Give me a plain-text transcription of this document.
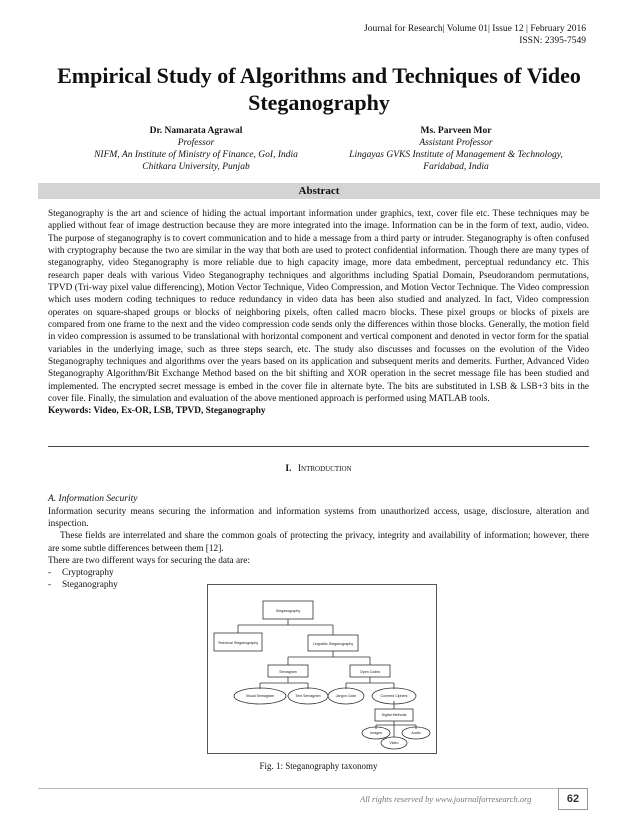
Journal for Research| Volume 01| Issue 12 | February 2016
ISSN: 2395-7549
Empirical Study of Algorithms and Techniques of Video Steganography
Dr. Namarata Agrawal
Professor
NIFM, An Institute of Ministry of Finance, GoI, India
Chitkara University, Punjab
Ms. Parveen Mor
Assistant Professor
Lingayas GVKS Institute of Management & Technology,
Faridabad, India
Abstract

Steganography is the art and science of hiding the actual important information under graphics, text, cover file etc. These techniques may be applied without fear of image destruction because they are more integrated into the image. Information can be in the form of text, audio, video. The purpose of steganography is to covert communication and to hide a message from a third party or intruder. Steganography is often confused with cryptography because the two are similar in the way that both are used to protect confidential information. Though there are many types of steganography, video Steganography is more reliable due to high capacity image, more data embedment, perceptual redundancy etc. This research paper deals with various Video Steganography techniques and algorithms including Spatial Domain, Pseudorandom permutations, TPVD (Tri-way pixel value differencing), Motion Vector Technique, Video Compression, and Motion Vector Technique. The Video compression which uses modern coding techniques to reduce redundancy in video data has been also studied and analyzed. In fact, Video compression operates on square-shaped groups or blocks of neighboring pixels, often called macro blocks. These pixel groups or blocks of pixels are compared from one frame to the next and the video compression code sends only the differences within those blocks. Generally, the motion field in video compression is assumed to be translational with horizontal component and vertical component and denoted in vector form for the spatial variables in the underlying image, such as three steps search, etc. The study also discusses and focusses on the evolution of the Video Steganography techniques and algorithms over the years based on its application and subsequent merits and demerits. Further, Advanced Video Steganography Algorithm/Bit Exchange Method based on the bit shifting and XOR operation in the secret message file has been studied and implemented. The encrypted secret message is embed in the cover file in alternate byte. The bits are substituted in LSB & LSB+3 bits in the cover file. Finally, the simulation and evaluation of the above mentioned approach is performed using MATLAB tools.

Keywords: Video, Ex-OR, LSB, TPVD, Steganography

I. Introduction
A. Information Security

Information security means securing the information and information systems from unauthorized access, usage, disclosure, alteration and inspection.

These fields are interrelated and share the common goals of protecting the privacy, integrity and availability of information; however, there are some subtle differences between them [12].

There are two different ways for securing the data are:

- Cryptography
- Steganography
Steganography
Technical Steganography	Linguistic Steganography
Semagram	Open Codes
Visual Semagram	Text Semagram	Jargon Code	Covered Ciphers
Digital Methods
Images	Audio
Video
Fig. 1: Steganography taxonomy
All rights reserved by www.journalforresearch.org	62
